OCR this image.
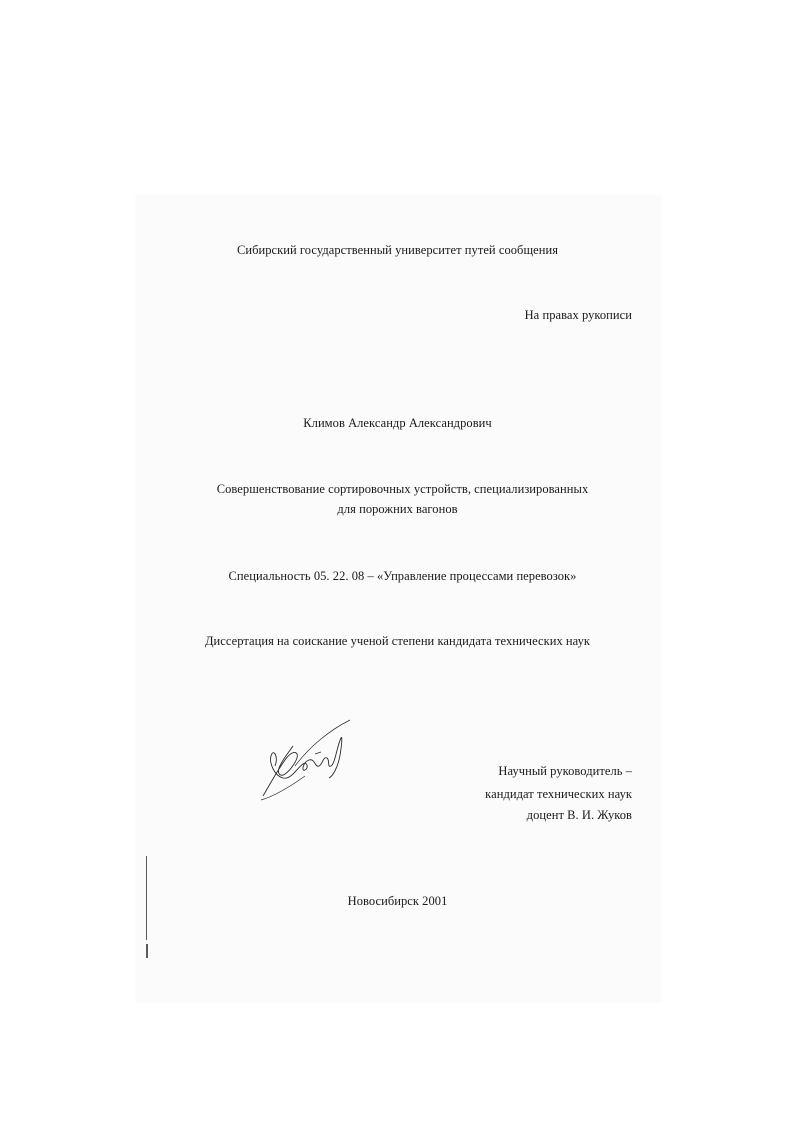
Сибирский государственный университет путей сообщения
На правах рукописи
Климов Александр Александрович
Совершенствование сортировочных устройств, специализированных
для порожних вагонов
Специальность 05. 22. 08 – «Управление процессами перевозок»
Диссертация на соискание ученой степени кандидата технических наук
Научный руководитель –
кандидат технических наук
доцент В. И. Жуков
Новосибирск 2001
